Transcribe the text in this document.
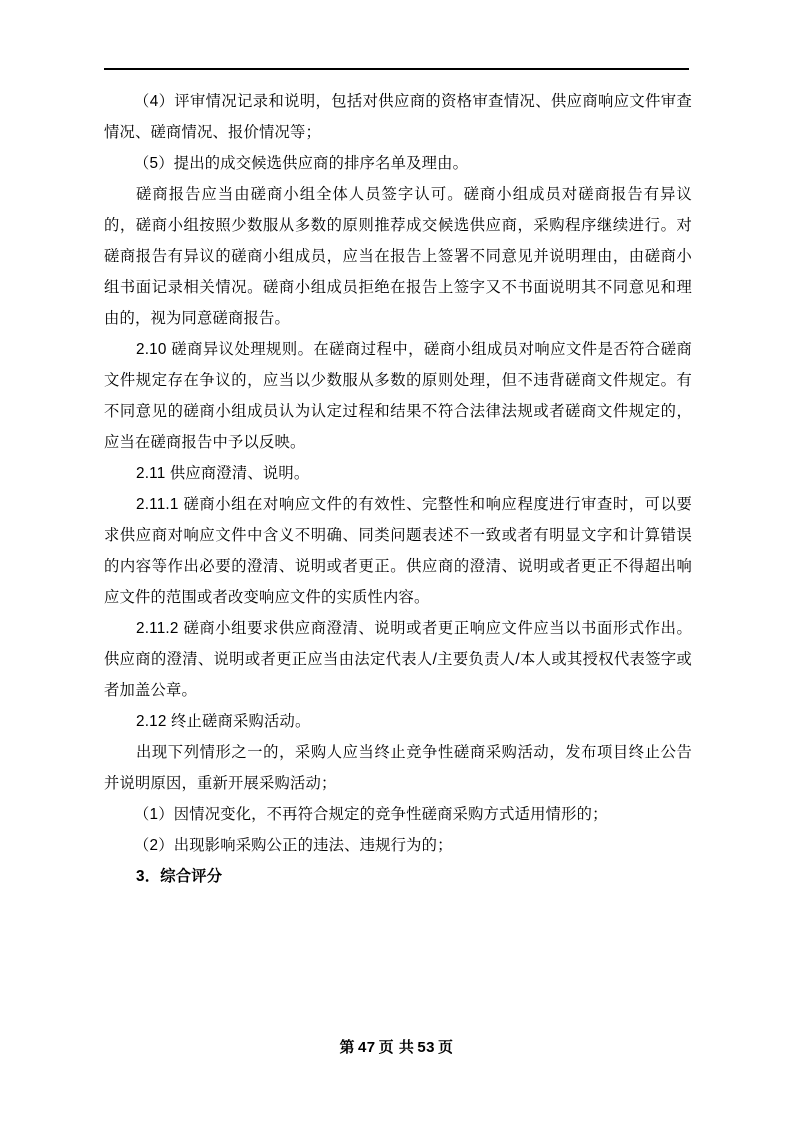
（4）评审情况记录和说明，包括对供应商的资格审查情况、供应商响应文件审查情况、磋商情况、报价情况等；

（5）提出的成交候选供应商的排序名单及理由。

磋商报告应当由磋商小组全体人员签字认可。磋商小组成员对磋商报告有异议的，磋商小组按照少数服从多数的原则推荐成交候选供应商，采购程序继续进行。对磋商报告有异议的磋商小组成员，应当在报告上签署不同意见并说明理由，由磋商小组书面记录相关情况。磋商小组成员拒绝在报告上签字又不书面说明其不同意见和理由的，视为同意磋商报告。

2.10 磋商异议处理规则。在磋商过程中，磋商小组成员对响应文件是否符合磋商文件规定存在争议的，应当以少数服从多数的原则处理，但不违背磋商文件规定。有不同意见的磋商小组成员认为认定过程和结果不符合法律法规或者磋商文件规定的，应当在磋商报告中予以反映。

2.11 供应商澄清、说明。

2.11.1 磋商小组在对响应文件的有效性、完整性和响应程度进行审查时，可以要求供应商对响应文件中含义不明确、同类问题表述不一致或者有明显文字和计算错误的内容等作出必要的澄清、说明或者更正。供应商的澄清、说明或者更正不得超出响应文件的范围或者改变响应文件的实质性内容。

2.11.2 磋商小组要求供应商澄清、说明或者更正响应文件应当以书面形式作出。供应商的澄清、说明或者更正应当由法定代表人/主要负责人/本人或其授权代表签字或者加盖公章。

2.12 终止磋商采购活动。

出现下列情形之一的，采购人应当终止竞争性磋商采购活动，发布项目终止公告并说明原因，重新开展采购活动；

（1）因情况变化，不再符合规定的竞争性磋商采购方式适用情形的；

（2）出现影响采购公正的违法、违规行为的；

3．综合评分

第 47 页 共 53 页
